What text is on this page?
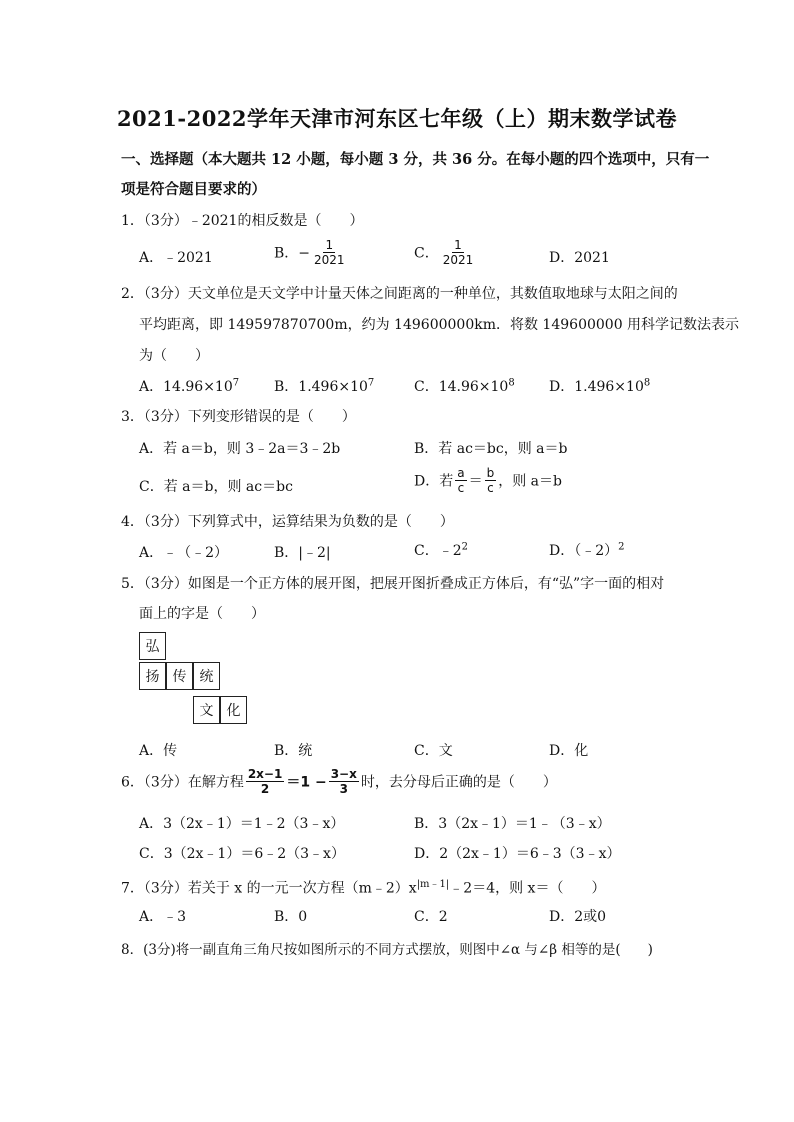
2021-2022学年天津市河东区七年级（上）期末数学试卷
一、选择题（本大题共 12 小题，每小题 3 分，共 36 分。在每小题的四个选项中，只有一
项是符合题目要求的）
1．（3分）﹣2021的相反数是（　　）
A．﹣2021	B．− $\frac{1}{2021}$	C． $\frac{1}{2021}$	D．2021
2．（3分）天文单位是天文学中计量天体之间距离的一种单位，其数值取地球与太阳之间的
平均距离，即 149597870700m，约为 149600000km．将数 149600000 用科学记数法表示
为（　　）
A．$14.96\times 10^7$ B．$1.496\times 10^7$	C．$14.96\times 10^8$ D．$1.496\times 10^8$
3．（3分）下列变形错误的是（　　）
A．若 a＝b，则 3﹣2a＝3﹣2b	B．若 ac＝bc，则 a＝b
C．若 a＝b，则 ac＝bc	D．若 $\frac{a}{c} = \frac{b}{c}$ ，则 a＝b
4．（3分）下列算式中，运算结果为负数的是（　　）
A．﹣（﹣2）	B．|﹣2|	C．$﹣2^2$	D．（﹣2）$^2$
5．（3分）如图是一个正方体的展开图，把展开图折叠成正方体后，有“弘”字一面的相对
面上的字是（　　）
弘
扬 传 统
文 化
A．传	B．统	C．文	D．化
6．（3分）在解方程 $\frac{2x-1}{2} =1 - \frac{3-x}{3}$ 时，去分母后正确的是（　　）
A．3（2x﹣1）＝1﹣2（3﹣x）	B．3（2x﹣1）＝1﹣（3﹣x）
C．3（2x﹣1）＝6﹣2（3﹣x）	D．2（2x﹣1）＝6﹣3（3﹣x）
7．（3分）若关于 x 的一元一次方程$(m﹣2)x^{|m﹣1|}﹣2=4$，则 x＝（　　）
A．﹣3	B．0	C．2	D．2或0
8．(3分)将一副直角三角尺按如图所示的不同方式摆放，则图中∠α 与∠β 相等的是(　　)
